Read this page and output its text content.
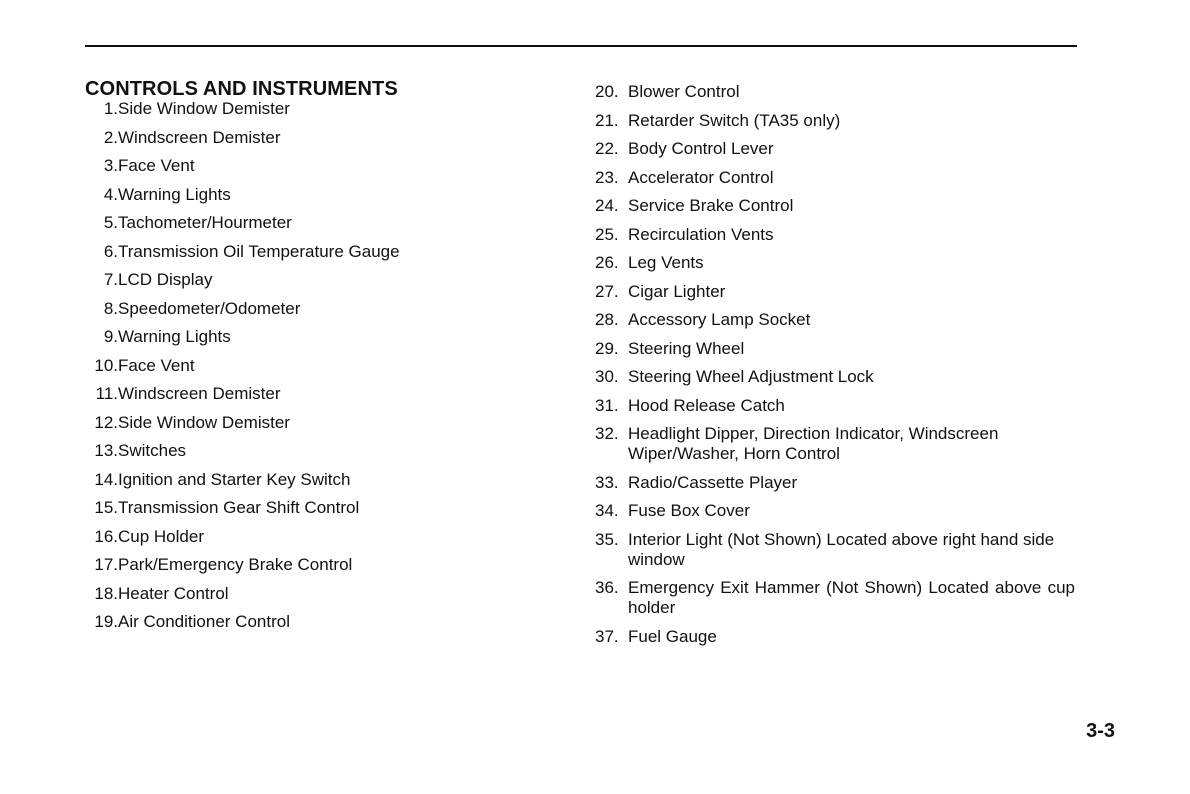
CONTROLS AND INSTRUMENTS
1. Side Window Demister
2. Windscreen Demister
3. Face Vent
4. Warning Lights
5. Tachometer/Hourmeter
6. Transmission Oil Temperature Gauge
7. LCD Display
8. Speedometer/Odometer
9. Warning Lights
10. Face Vent
11. Windscreen Demister
12. Side Window Demister
13. Switches
14. Ignition and Starter Key Switch
15. Transmission Gear Shift Control
16. Cup Holder
17. Park/Emergency Brake Control
18. Heater Control
19. Air Conditioner Control
20. Blower Control
21. Retarder Switch (TA35 only)
22. Body Control Lever
23. Accelerator Control
24. Service Brake Control
25. Recirculation Vents
26. Leg Vents
27. Cigar Lighter
28. Accessory Lamp Socket
29. Steering Wheel
30. Steering Wheel Adjustment Lock
31. Hood Release Catch
32. Headlight Dipper, Direction Indicator, Windscreen Wiper/Washer, Horn Control
33. Radio/Cassette Player
34. Fuse Box Cover
35. Interior Light (Not Shown) Located above right hand side window
36. Emergency Exit Hammer (Not Shown) Located above cup holder
37. Fuel Gauge
3-3
